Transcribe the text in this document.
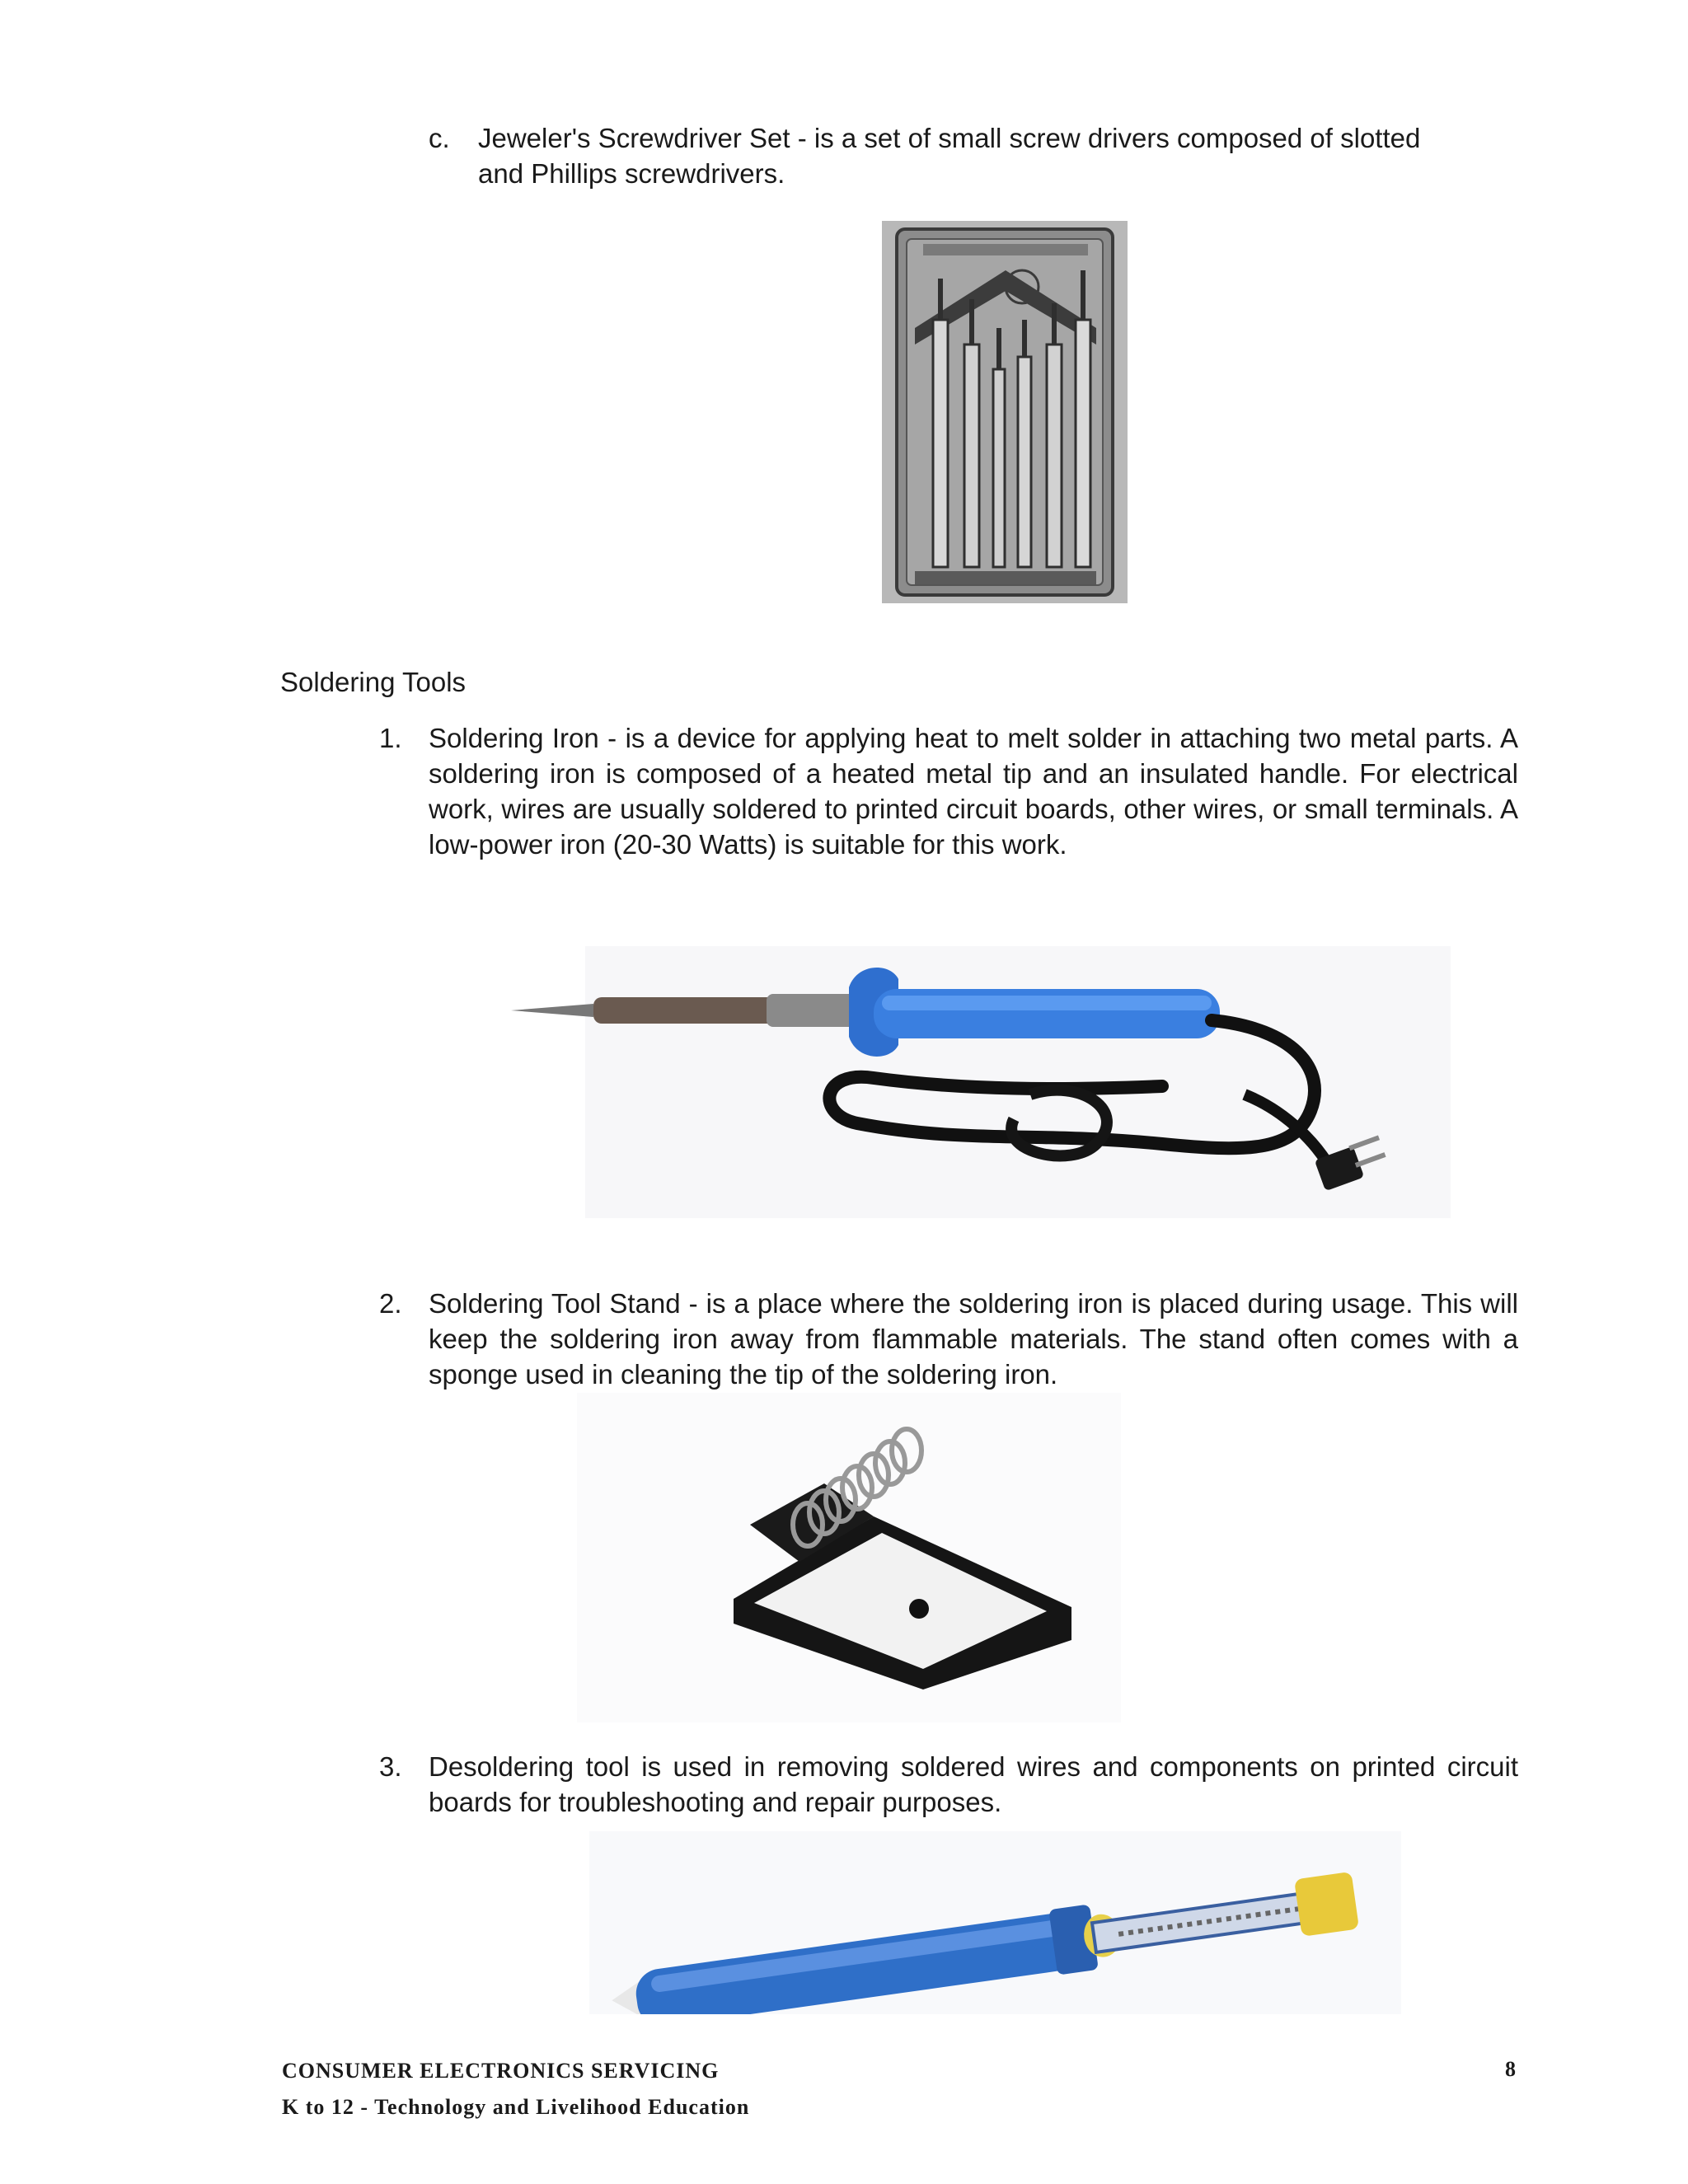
c. Jeweler's Screwdriver Set - is a set of small screw drivers composed of slotted and Phillips screwdrivers.
Soldering Tools
1. Soldering Iron - is a device for applying heat to melt solder in attaching two metal parts. A soldering iron is composed of a heated metal tip and an insulated handle. For electrical work, wires are usually soldered to printed circuit boards, other wires, or small terminals. A low-power iron (20-30 Watts) is suitable for this work.
2. Soldering Tool Stand - is a place where the soldering iron is placed during usage. This will keep the soldering iron away from flammable materials. The stand often comes with a sponge used in cleaning the tip of the soldering iron.
3. Desoldering tool is used in removing soldered wires and components on printed circuit boards for troubleshooting and repair purposes.
CONSUMER ELECTRONICS SERVICING
K to 12 - Technology and Livelihood Education
8
